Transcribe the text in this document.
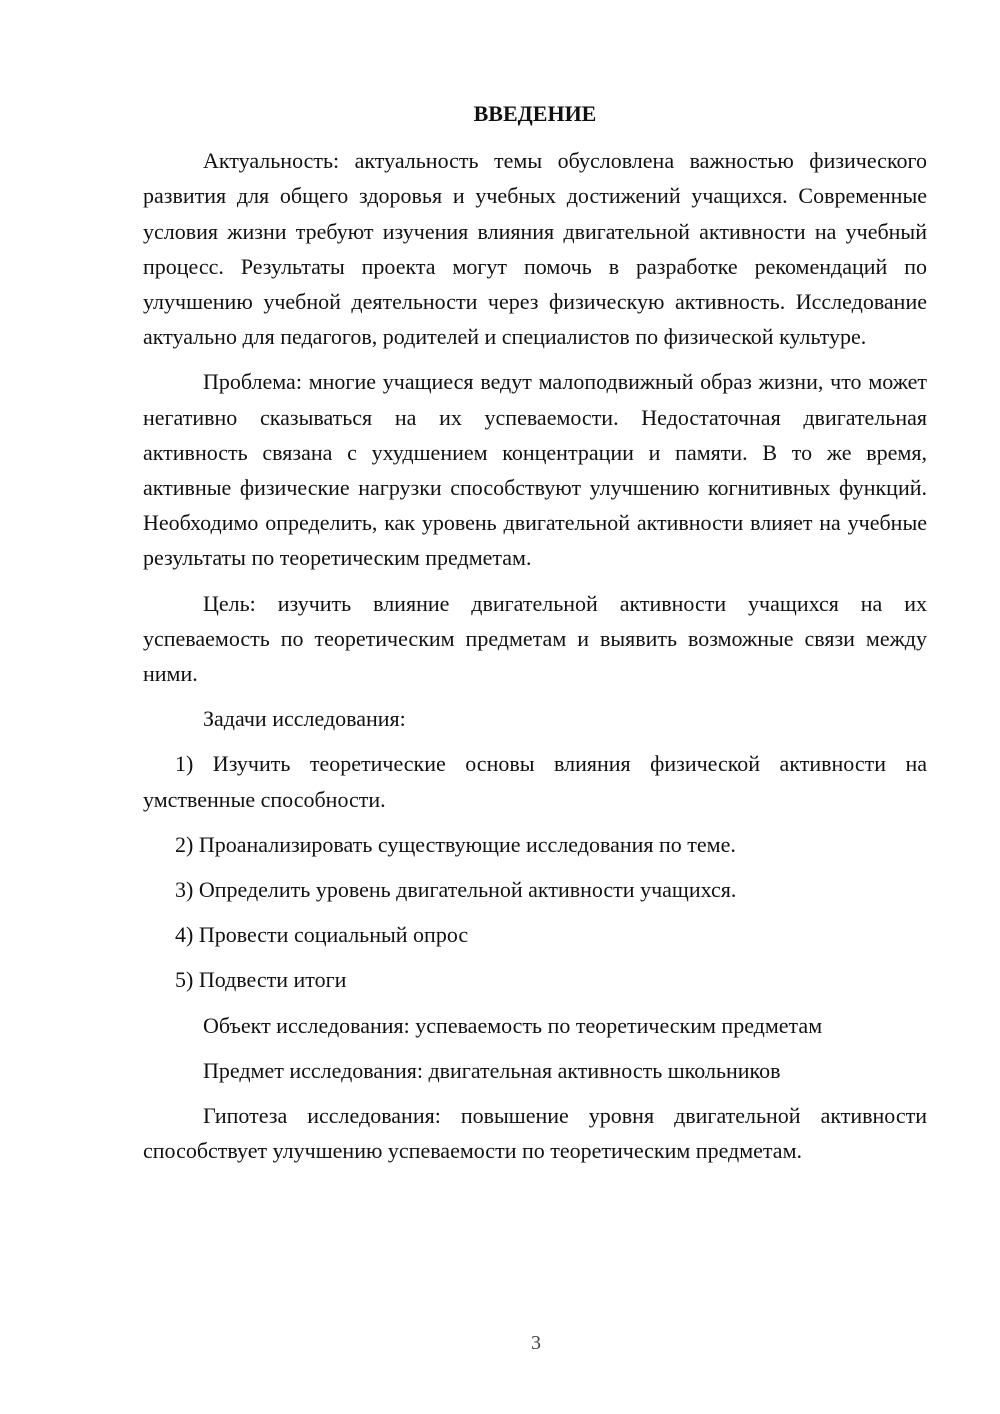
ВВЕДЕНИЕ

Актуальность: актуальность темы обусловлена важностью физического развития для общего здоровья и учебных достижений учащихся. Современные условия жизни требуют изучения влияния двигательной активности на учебный процесс. Результаты проекта могут помочь в разработке рекомендаций по улучшению учебной деятельности через физическую активность. Исследование актуально для педагогов, родителей и специалистов по физической культуре.

Проблема: многие учащиеся ведут малоподвижный образ жизни, что может негативно сказываться на их успеваемости. Недостаточная двигательная активность связана с ухудшением концентрации и памяти. В то же время, активные физические нагрузки способствуют улучшению когнитивных функций. Необходимо определить, как уровень двигательной активности влияет на учебные результаты по теоретическим предметам.

Цель: изучить влияние двигательной активности учащихся на их успеваемость по теоретическим предметам и выявить возможные связи между ними.

Задачи исследования:

1) Изучить теоретические основы влияния физической активности на умственные способности.

2) Проанализировать существующие исследования по теме.

3) Определить уровень двигательной активности учащихся.

4) Провести социальный опрос

5) Подвести итоги

Объект исследования: успеваемость по теоретическим предметам

Предмет исследования: двигательная активность школьников

Гипотеза исследования: повышение уровня двигательной активности способствует улучшению успеваемости по теоретическим предметам.

3
